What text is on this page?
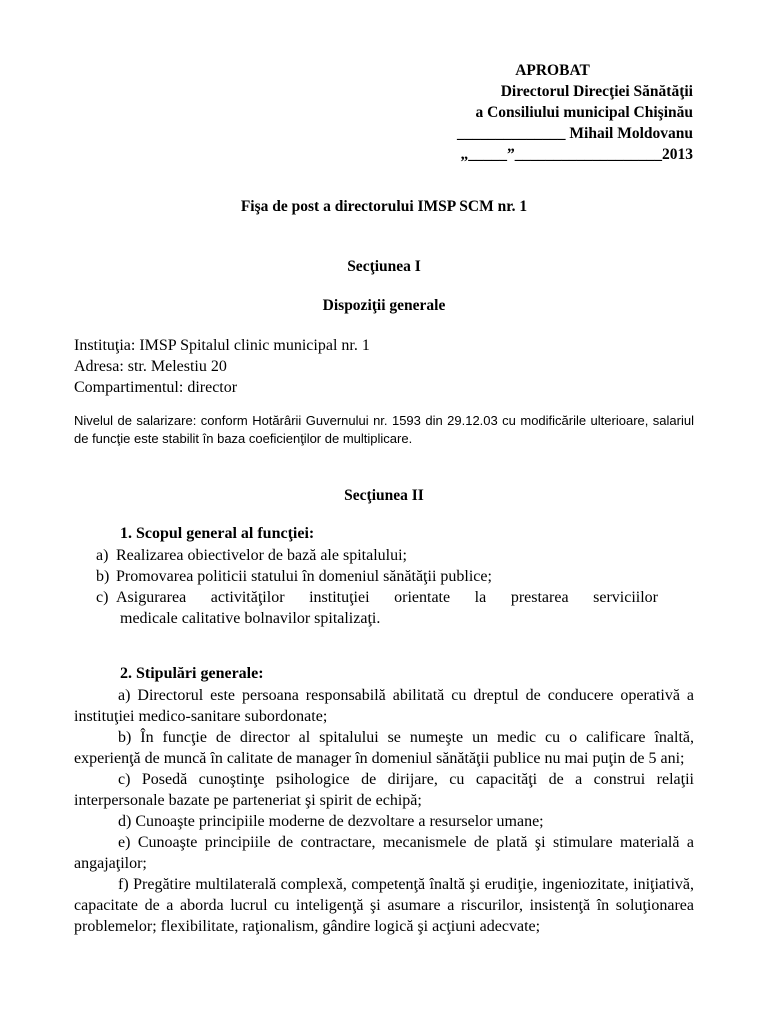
APROBAT
Directorul Direcţiei Sănătăţii
a Consiliului municipal Chişinău
______________ Mihail Moldovanu
„_____”___________________2013
Fişa de post a directorului IMSP SCM nr. 1
Secţiunea I
Dispoziţii generale
Instituţia: IMSP Spitalul clinic municipal nr. 1
Adresa: str. Melestiu 20
Compartimentul: director
Nivelul de salarizare: conform Hotărârii Guvernului nr. 1593 din 29.12.03 cu modificările ulterioare, salariul de funcţie este stabilit în baza coeficienţilor de multiplicare.
Secţiunea II
1. Scopul general al funcţiei:
a) Realizarea obiectivelor de bază ale spitalului;
b) Promovarea politicii statului în domeniul sănătăţii publice;
c) Asigurarea activităţilor instituţiei orientate la prestarea serviciilor
medicale calitative bolnavilor spitalizaţi.
2. Stipulări generale:

a) Directorul este persoana responsabilă abilitată cu dreptul de conducere operativă a instituţiei medico-sanitare subordonate;

b) În funcţie de director al spitalului se numeşte un medic cu o calificare înaltă, experienţă de muncă în calitate de manager în domeniul sănătăţii publice nu mai puţin de 5 ani;

c) Posedă cunoştinţe psihologice de dirijare, cu capacităţi de a construi relaţii interpersonale bazate pe parteneriat şi spirit de echipă;

d) Cunoaşte principiile moderne de dezvoltare a resurselor umane;

e) Cunoaşte principiile de contractare, mecanismele de plată şi stimulare materială a angajaţilor;

f) Pregătire multilaterală complexă, competenţă înaltă şi erudiţie, ingeniozitate, iniţiativă, capacitate de a aborda lucrul cu inteligenţă şi asumare a riscurilor, insistenţă în soluţionarea problemelor; flexibilitate, raţionalism, gândire logică şi acţiuni adecvate;
